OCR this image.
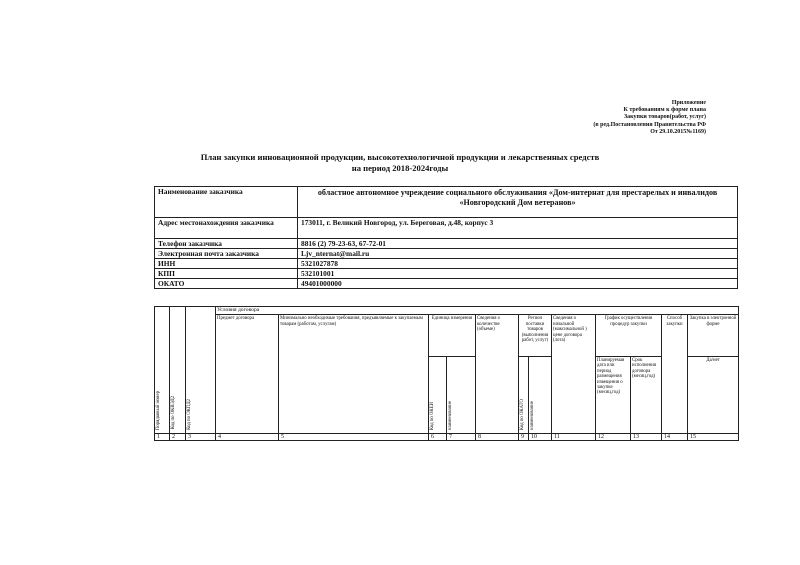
Приложение
К требованиям к форме плана
Закупки товаров(работ, услуг)
(в ред.Постановления Правительства РФ
От 29.10.2015№1169)
План закупки инновационной продукции, высокотехнологичной продукции и лекарственных средств
на период 2018-2024годы
Наименование заказчика	областное автономное учреждение социального обслуживания «Дом-интернат для престарелых и инвалидов «Новгородский Дом ветеранов»
Адрес местонахождения заказчика	173011, г. Великий Новгород, ул. Береговая, д.48, корпус 3
Телефон заказчика	8816 (2) 79-23-63, 67-72-01
Электронная почта заказчика	Ljv_nternat@mail.ru
ИНН	5321027878
КПП	532101001
ОКАТО	49401000000
Порядковый номер	Код по ОКВЭД2	Код по ОКПД2	Условия договора											
			Предмет договора	Минимально необходимые требования, предъявляемые к закупаемым товарам (работам, услугам)	Единица измерения		Сведения о количестве (объеме)	Регион поставки товаров (выполнения работ, услуг)		Сведения о начальной (максимальной ) цене договора (лота)	График осуществления процедур закупки		Способ закупки	Закупка в электронной форме
					Код по ОКЕИ	наименование		Код по ОКАТО	наименование		Планируемая дата или период размещения извещения о закупке (месяц,год)	Срок исполнения договора (месяц,год)		Да/нет
1	2	3	4	5	6	7	8	9	10	11	12	13	14	15
